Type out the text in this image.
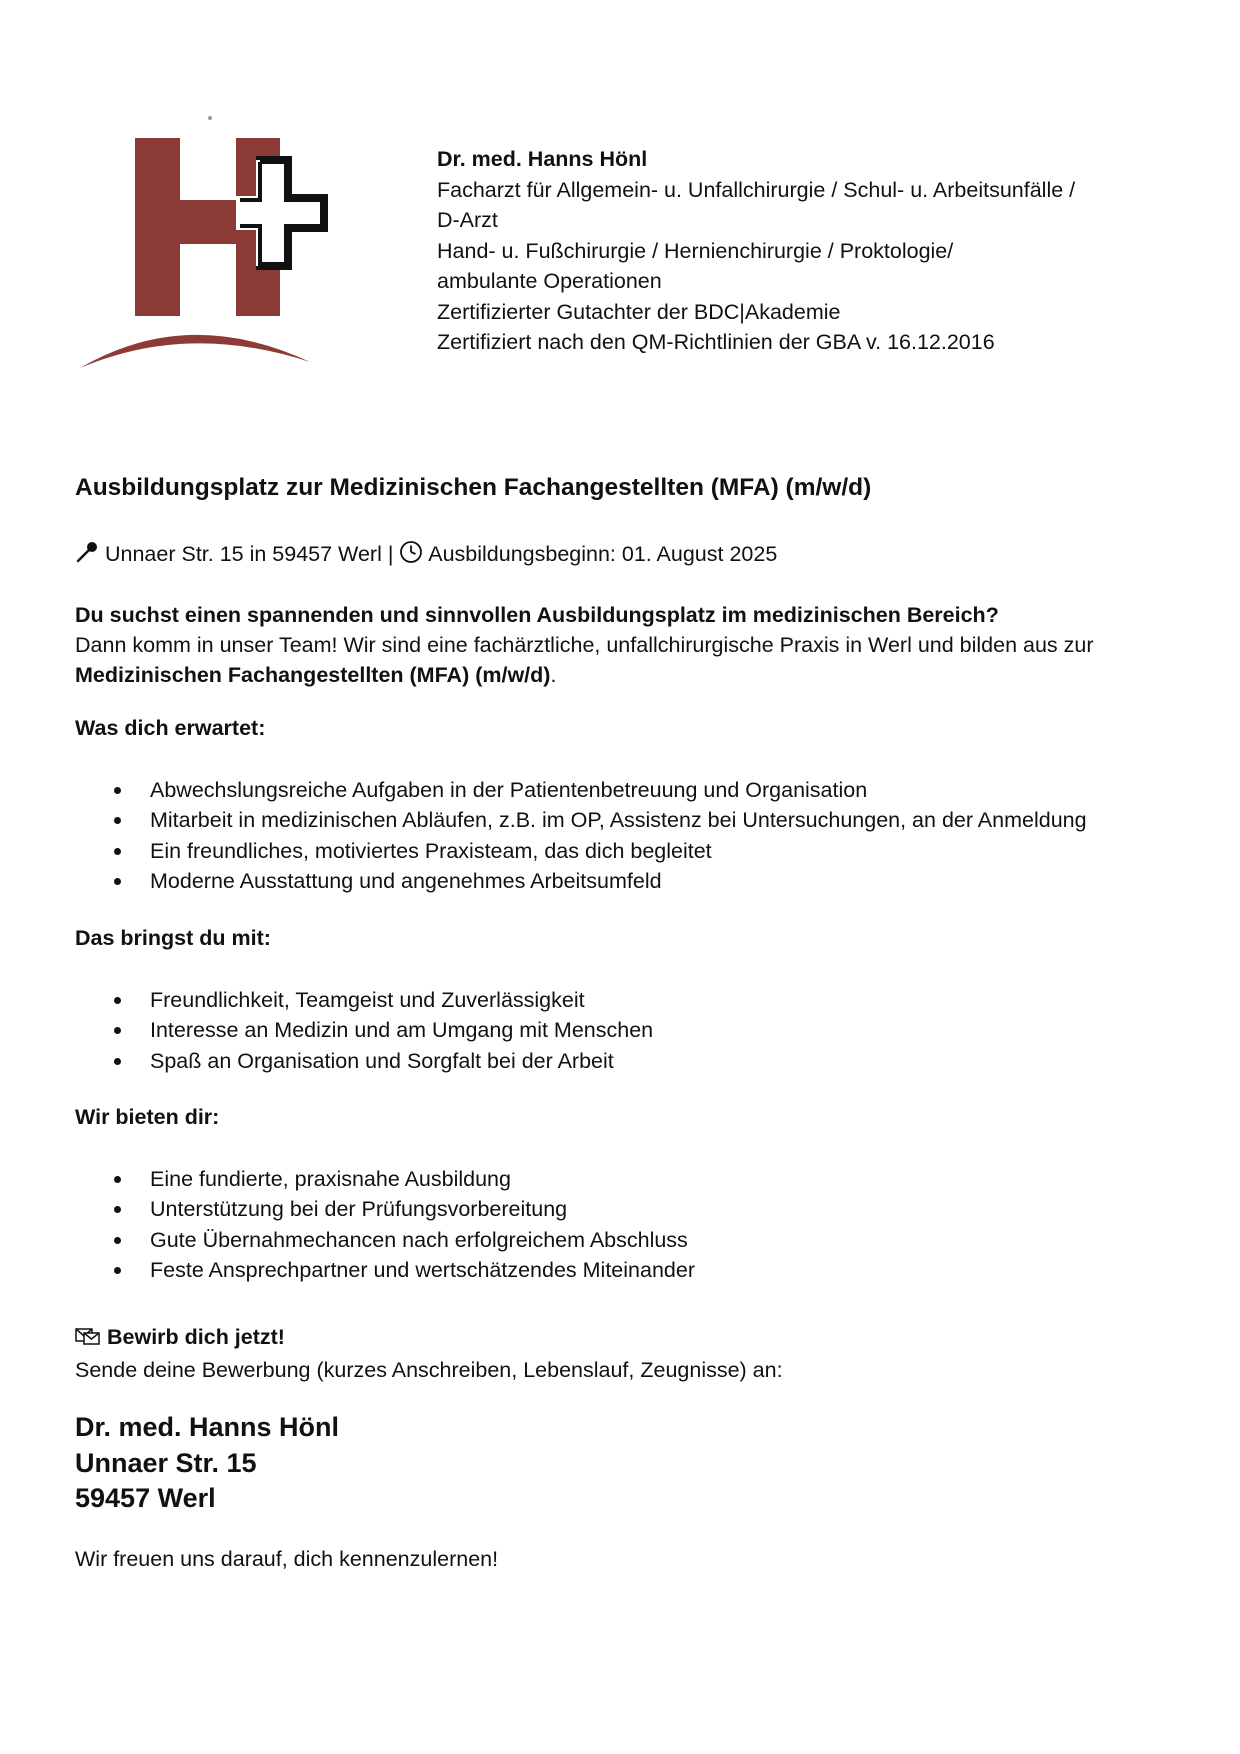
Dr. med. Hanns Hönl
Facharzt für Allgemein- u. Unfallchirurgie / Schul- u. Arbeitsunfälle /
D-Arzt
Hand- u. Fußchirurgie / Hernienchirurgie / Proktologie/
ambulante Operationen
Zertifizierter Gutachter der BDC|Akademie
Zertifiziert nach den QM-Richtlinien der GBA v. 16.12.2016
Ausbildungsplatz zur Medizinischen Fachangestellten (MFA) (m/w/d)
Unnaer Str. 15 in 59457 Werl | Ausbildungsbeginn: 01. August 2025
Du suchst einen spannenden und sinnvollen Ausbildungsplatz im medizinischen Bereich?
Dann komm in unser Team! Wir sind eine fachärztliche, unfallchirurgische Praxis in Werl und bilden aus zur Medizinischen Fachangestellten (MFA) (m/w/d).
Was dich erwartet:
Abwechslungsreiche Aufgaben in der Patientenbetreuung und Organisation
Mitarbeit in medizinischen Abläufen, z.B. im OP, Assistenz bei Untersuchungen, an der Anmeldung
Ein freundliches, motiviertes Praxisteam, das dich begleitet
Moderne Ausstattung und angenehmes Arbeitsumfeld
Das bringst du mit:
Freundlichkeit, Teamgeist und Zuverlässigkeit
Interesse an Medizin und am Umgang mit Menschen
Spaß an Organisation und Sorgfalt bei der Arbeit
Wir bieten dir:
Eine fundierte, praxisnahe Ausbildung
Unterstützung bei der Prüfungsvorbereitung
Gute Übernahmechancen nach erfolgreichem Abschluss
Feste Ansprechpartner und wertschätzendes Miteinander
Bewirb dich jetzt!
Sende deine Bewerbung (kurzes Anschreiben, Lebenslauf, Zeugnisse) an:
Dr. med. Hanns Hönl
Unnaer Str. 15
59457 Werl
Wir freuen uns darauf, dich kennenzulernen!
